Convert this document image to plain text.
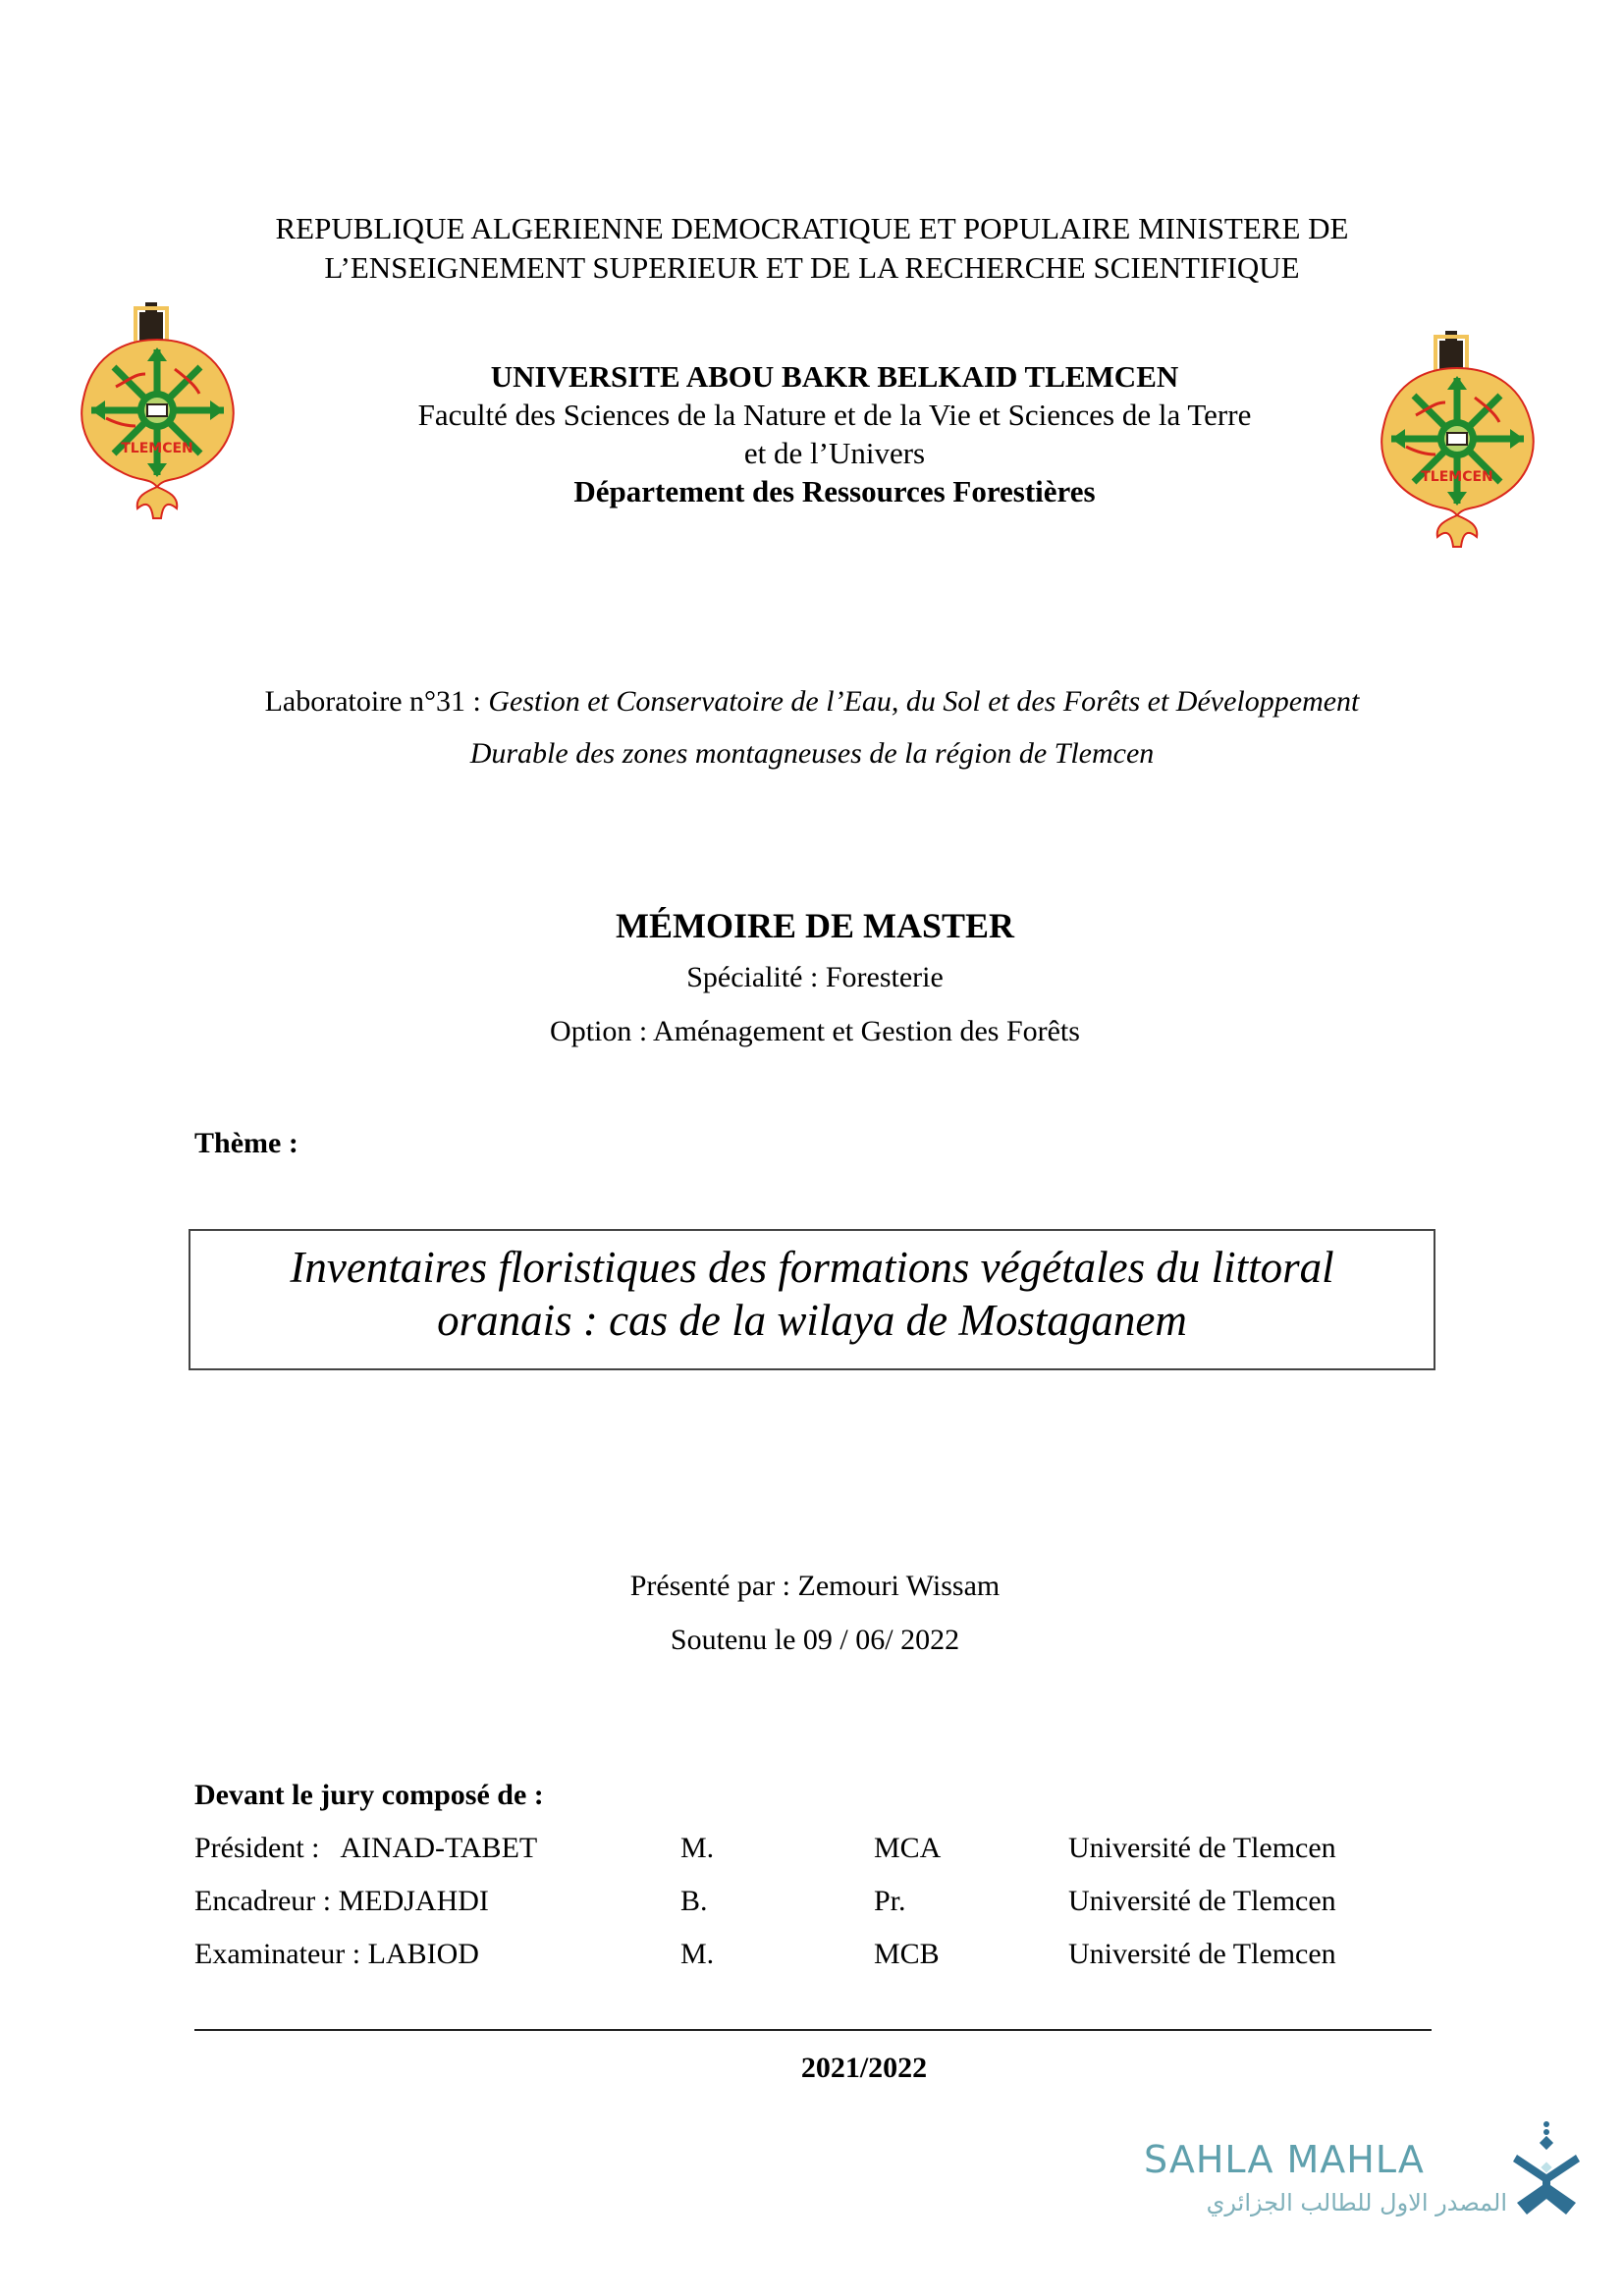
REPUBLIQUE ALGERIENNE DEMOCRATIQUE ET POPULAIRE MINISTERE DE
L’ENSEIGNEMENT SUPERIEUR ET DE LA RECHERCHE SCIENTIFIQUE
TLEMCEN
UNIVERSITE ABOU BAKR BELKAID TLEMCEN
Faculté des Sciences de la Nature et de la Vie et Sciences de la Terre
et de l’Univers
Département des Ressources Forestières	TLEMCEN
Laboratoire n°31 : Gestion et Conservatoire de l’Eau, du Sol et des Forêts et Développement
Durable des zones montagneuses de la région de Tlemcen
MÉMOIRE DE MASTER
Spécialité : Foresterie
Option : Aménagement et Gestion des Forêts
Thème :
Inventaires floristiques des formations végétales du littoral
oranais : cas de la wilaya de Mostaganem
Présenté par : Zemouri Wissam
Soutenu le 09 / 06/ 2022
Devant le jury composé de :
Président :   AINAD-TABET	M.	MCA	Université de Tlemcen
Encadreur : MEDJAHDI	B.	Pr.	Université de Tlemcen
Examinateur : LABIOD	M.	MCB	Université de Tlemcen
2021/2022
SAHLA MAHLA
المصدر الاول للطالب الجزائري
